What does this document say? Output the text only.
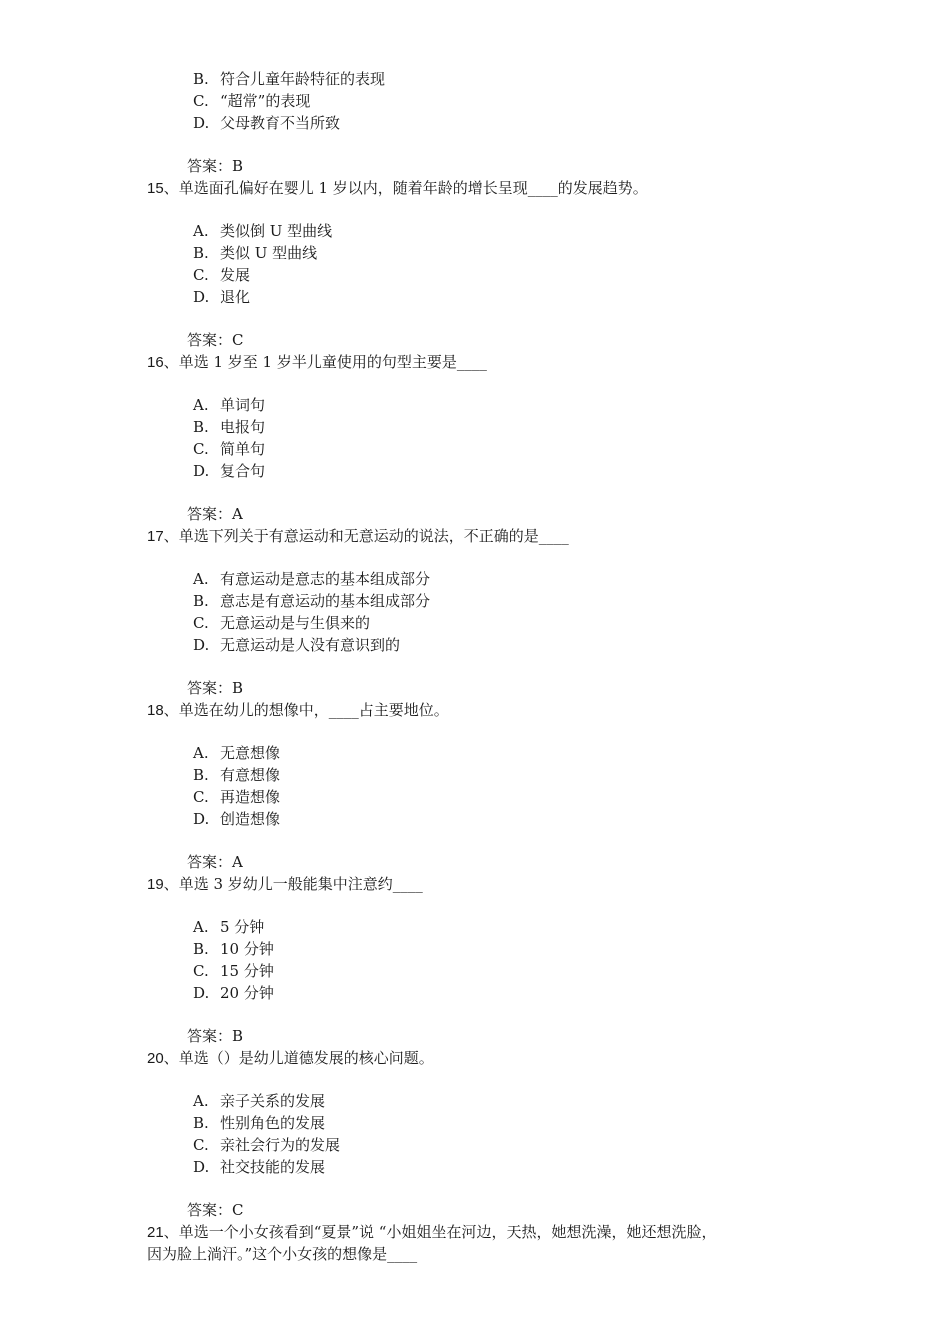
B. 符合儿童年龄特征的表现
C. “超常”的表现
D. 父母教育不当所致
答案：B
15、单选面孔偏好在婴儿 1 岁以内，随着年龄的增长呈现____的发展趋势。
A. 类似倒 U 型曲线
B. 类似 U 型曲线
C. 发展
D. 退化
答案：C
16、单选 1 岁至 1 岁半儿童使用的句型主要是____
A. 单词句
B. 电报句
C. 简单句
D. 复合句
答案：A
17、单选下列关于有意运动和无意运动的说法，不正确的是____
A. 有意运动是意志的基本组成部分
B. 意志是有意运动的基本组成部分
C. 无意运动是与生俱来的
D. 无意运动是人没有意识到的
答案：B
18、单选在幼儿的想像中，____占主要地位。
A. 无意想像
B. 有意想像
C. 再造想像
D. 创造想像
答案：A
19、单选 3 岁幼儿一般能集中注意约____
A. 5 分钟
B. 10 分钟
C. 15 分钟
D. 20 分钟
答案：B
20、单选（）是幼儿道德发展的核心问题。
A. 亲子关系的发展
B. 性别角色的发展
C. 亲社会行为的发展
D. 社交技能的发展
答案：C
21、单选一个小女孩看到“夏景”说 “小姐姐坐在河边，天热，她想洗澡，她还想洗脸，
因为脸上淌汗。”这个小女孩的想像是____
